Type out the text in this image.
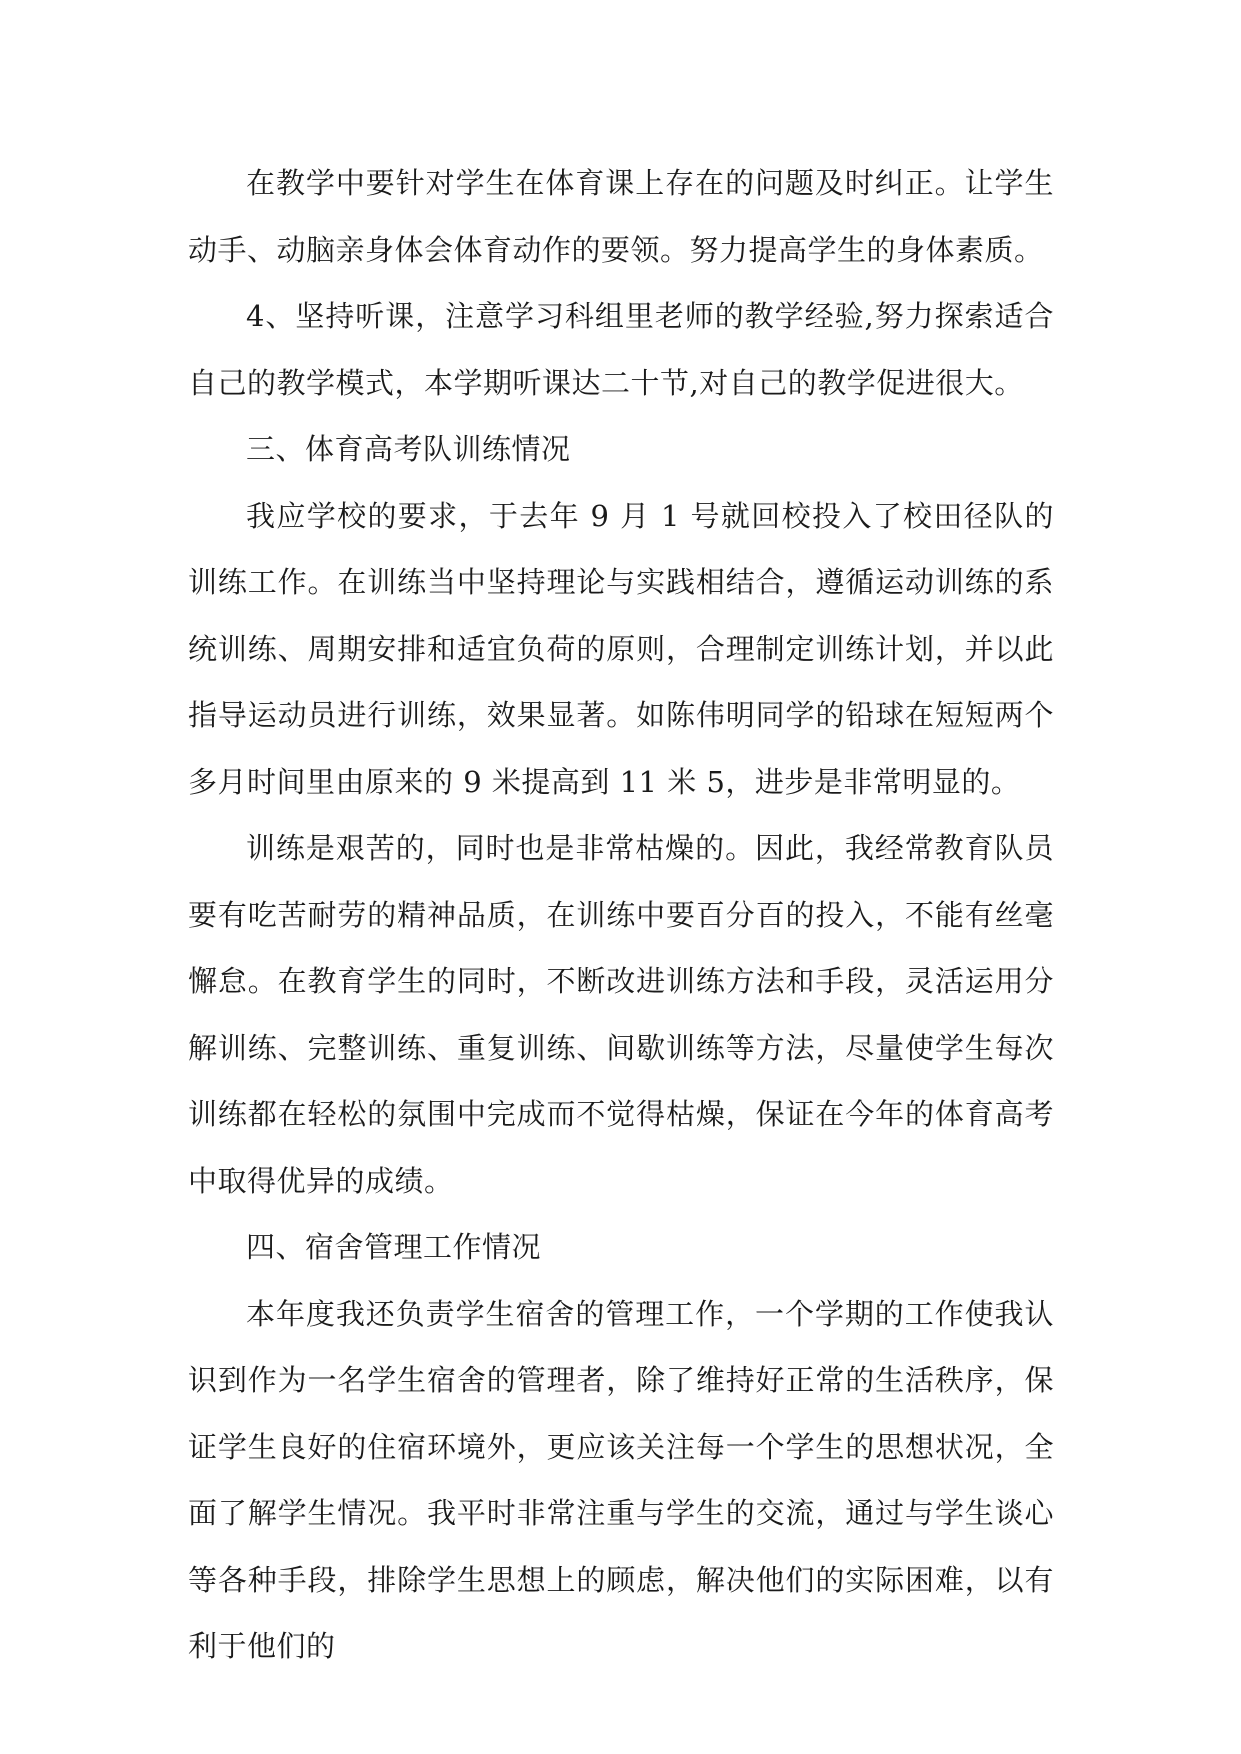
在教学中要针对学生在体育课上存在的问题及时纠正。让学生动手、动脑亲身体会体育动作的要领。努力提高学生的身体素质。

4、坚持听课，注意学习科组里老师的教学经验,努力探索适合自己的教学模式，本学期听课达二十节,对自己的教学促进很大。

三、体育高考队训练情况

我应学校的要求，于去年 9 月 1 号就回校投入了校田径队的训练工作。在训练当中坚持理论与实践相结合，遵循运动训练的系统训练、周期安排和适宜负荷的原则，合理制定训练计划，并以此指导运动员进行训练，效果显著。如陈伟明同学的铅球在短短两个多月时间里由原来的 9 米提高到 11 米 5，进步是非常明显的。

训练是艰苦的，同时也是非常枯燥的。因此，我经常教育队员要有吃苦耐劳的精神品质，在训练中要百分百的投入，不能有丝毫懈怠。在教育学生的同时，不断改进训练方法和手段，灵活运用分解训练、完整训练、重复训练、间歇训练等方法，尽量使学生每次训练都在轻松的氛围中完成而不觉得枯燥，保证在今年的体育高考中取得优异的成绩。

四、宿舍管理工作情况

本年度我还负责学生宿舍的管理工作，一个学期的工作使我认识到作为一名学生宿舍的管理者，除了维持好正常的生活秩序，保证学生良好的住宿环境外，更应该关注每一个学生的思想状况，全面了解学生情况。我平时非常注重与学生的交流，通过与学生谈心等各种手段，排除学生思想上的顾虑，解决他们的实际困难，以有利于他们的
